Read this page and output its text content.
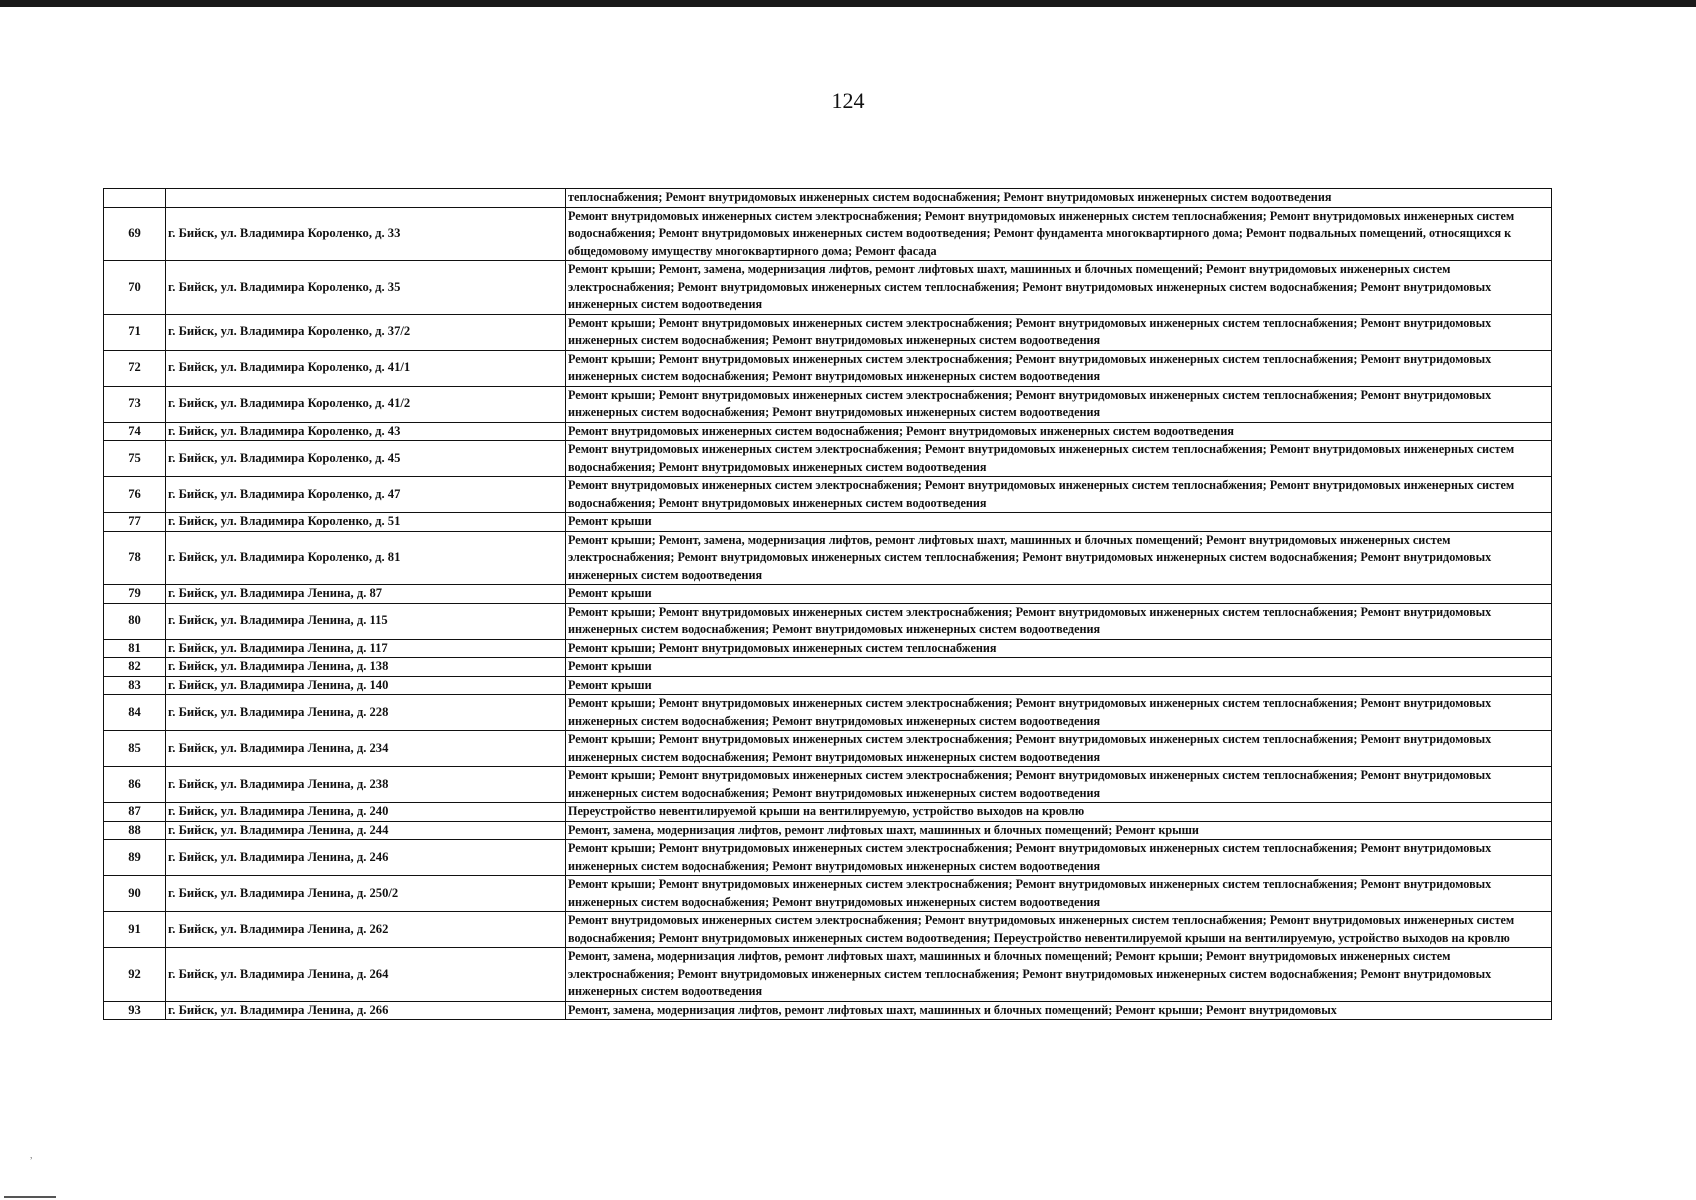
124
		теплоснабжения; Ремонт внутридомовых инженерных систем водоснабжения; Ремонт внутридомовых инженерных систем водоотведения
69	г. Бийск, ул. Владимира Короленко, д. 33	Ремонт внутридомовых инженерных систем электроснабжения; Ремонт внутридомовых инженерных систем теплоснабжения; Ремонт внутридомовых инженерных систем водоснабжения; Ремонт внутридомовых инженерных систем водоотведения; Ремонт фундамента многоквартирного дома; Ремонт подвальных помещений, относящихся к общедомовому имуществу многоквартирного дома; Ремонт фасада
70	г. Бийск, ул. Владимира Короленко, д. 35	Ремонт крыши; Ремонт, замена, модернизация лифтов, ремонт лифтовых шахт, машинных и блочных помещений; Ремонт внутридомовых инженерных систем электроснабжения; Ремонт внутридомовых инженерных систем теплоснабжения; Ремонт внутридомовых инженерных систем водоснабжения; Ремонт внутридомовых инженерных систем водоотведения
71	г. Бийск, ул. Владимира Короленко, д. 37/2	Ремонт крыши; Ремонт внутридомовых инженерных систем электроснабжения; Ремонт внутридомовых инженерных систем теплоснабжения; Ремонт внутридомовых инженерных систем водоснабжения; Ремонт внутридомовых инженерных систем водоотведения
72	г. Бийск, ул. Владимира Короленко, д. 41/1	Ремонт крыши; Ремонт внутридомовых инженерных систем электроснабжения; Ремонт внутридомовых инженерных систем теплоснабжения; Ремонт внутридомовых инженерных систем водоснабжения; Ремонт внутридомовых инженерных систем водоотведения
73	г. Бийск, ул. Владимира Короленко, д. 41/2	Ремонт крыши; Ремонт внутридомовых инженерных систем электроснабжения; Ремонт внутридомовых инженерных систем теплоснабжения; Ремонт внутридомовых инженерных систем водоснабжения; Ремонт внутридомовых инженерных систем водоотведения
74	г. Бийск, ул. Владимира Короленко, д. 43	Ремонт внутридомовых инженерных систем водоснабжения; Ремонт внутридомовых инженерных систем водоотведения
75	г. Бийск, ул. Владимира Короленко, д. 45	Ремонт внутридомовых инженерных систем электроснабжения; Ремонт внутридомовых инженерных систем теплоснабжения; Ремонт внутридомовых инженерных систем водоснабжения; Ремонт внутридомовых инженерных систем водоотведения
76	г. Бийск, ул. Владимира Короленко, д. 47	Ремонт внутридомовых инженерных систем электроснабжения; Ремонт внутридомовых инженерных систем теплоснабжения; Ремонт внутридомовых инженерных систем водоснабжения; Ремонт внутридомовых инженерных систем водоотведения
77	г. Бийск, ул. Владимира Короленко, д. 51	Ремонт крыши
78	г. Бийск, ул. Владимира Короленко, д. 81	Ремонт крыши; Ремонт, замена, модернизация лифтов, ремонт лифтовых шахт, машинных и блочных помещений; Ремонт внутридомовых инженерных систем электроснабжения; Ремонт внутридомовых инженерных систем теплоснабжения; Ремонт внутридомовых инженерных систем водоснабжения; Ремонт внутридомовых инженерных систем водоотведения
79	г. Бийск, ул. Владимира Ленина, д. 87	Ремонт крыши
80	г. Бийск, ул. Владимира Ленина, д. 115	Ремонт крыши; Ремонт внутридомовых инженерных систем электроснабжения; Ремонт внутридомовых инженерных систем теплоснабжения; Ремонт внутридомовых инженерных систем водоснабжения; Ремонт внутридомовых инженерных систем водоотведения
81	г. Бийск, ул. Владимира Ленина, д. 117	Ремонт крыши; Ремонт внутридомовых инженерных систем теплоснабжения
82	г. Бийск, ул. Владимира Ленина, д. 138	Ремонт крыши
83	г. Бийск, ул. Владимира Ленина, д. 140	Ремонт крыши
84	г. Бийск, ул. Владимира Ленина, д. 228	Ремонт крыши; Ремонт внутридомовых инженерных систем электроснабжения; Ремонт внутридомовых инженерных систем теплоснабжения; Ремонт внутридомовых инженерных систем водоснабжения; Ремонт внутридомовых инженерных систем водоотведения
85	г. Бийск, ул. Владимира Ленина, д. 234	Ремонт крыши; Ремонт внутридомовых инженерных систем электроснабжения; Ремонт внутридомовых инженерных систем теплоснабжения; Ремонт внутридомовых инженерных систем водоснабжения; Ремонт внутридомовых инженерных систем водоотведения
86	г. Бийск, ул. Владимира Ленина, д. 238	Ремонт крыши; Ремонт внутридомовых инженерных систем электроснабжения; Ремонт внутридомовых инженерных систем теплоснабжения; Ремонт внутридомовых инженерных систем водоснабжения; Ремонт внутридомовых инженерных систем водоотведения
87	г. Бийск, ул. Владимира Ленина, д. 240	Переустройство невентилируемой крыши на вентилируемую, устройство выходов на кровлю
88	г. Бийск, ул. Владимира Ленина, д. 244	Ремонт, замена, модернизация лифтов, ремонт лифтовых шахт, машинных и блочных помещений; Ремонт крыши
89	г. Бийск, ул. Владимира Ленина, д. 246	Ремонт крыши; Ремонт внутридомовых инженерных систем электроснабжения; Ремонт внутридомовых инженерных систем теплоснабжения; Ремонт внутридомовых инженерных систем водоснабжения; Ремонт внутридомовых инженерных систем водоотведения
90	г. Бийск, ул. Владимира Ленина, д. 250/2	Ремонт крыши; Ремонт внутридомовых инженерных систем электроснабжения; Ремонт внутридомовых инженерных систем теплоснабжения; Ремонт внутридомовых инженерных систем водоснабжения; Ремонт внутридомовых инженерных систем водоотведения
91	г. Бийск, ул. Владимира Ленина, д. 262	Ремонт внутридомовых инженерных систем электроснабжения; Ремонт внутридомовых инженерных систем теплоснабжения; Ремонт внутридомовых инженерных систем водоснабжения; Ремонт внутридомовых инженерных систем водоотведения; Переустройство невентилируемой крыши на вентилируемую, устройство выходов на кровлю
92	г. Бийск, ул. Владимира Ленина, д. 264	Ремонт, замена, модернизация лифтов, ремонт лифтовых шахт, машинных и блочных помещений; Ремонт крыши; Ремонт внутридомовых инженерных систем электроснабжения; Ремонт внутридомовых инженерных систем теплоснабжения; Ремонт внутридомовых инженерных систем водоснабжения; Ремонт внутридомовых инженерных систем водоотведения
93	г. Бийск, ул. Владимира Ленина, д. 266	Ремонт, замена, модернизация лифтов, ремонт лифтовых шахт, машинных и блочных помещений; Ремонт крыши; Ремонт внутридомовых
,
